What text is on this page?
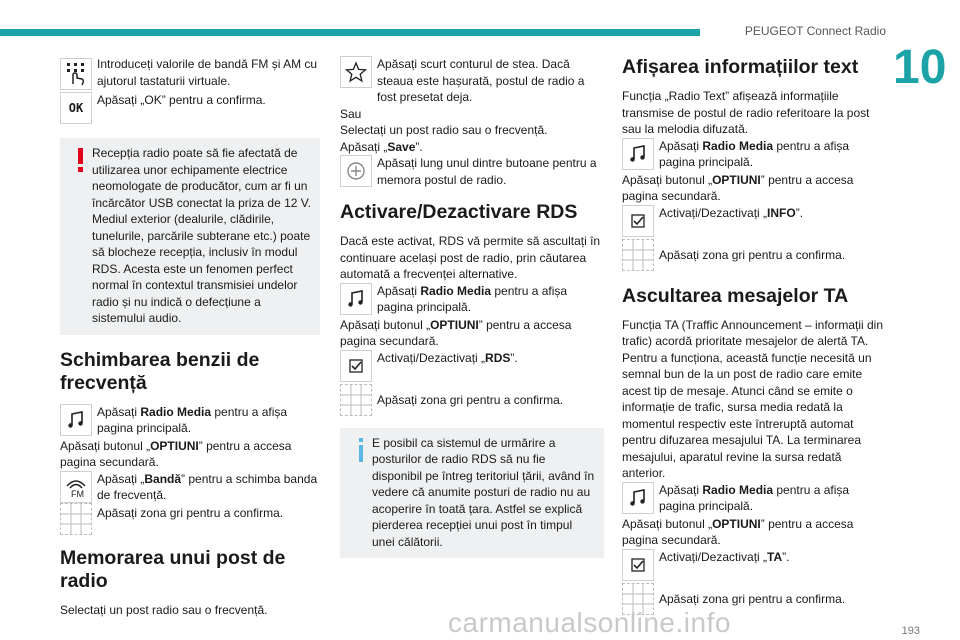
PEUGEOT Connect Radio
10

Introduceți valorile de bandă FM și AM cu ajutorul tastaturii virtuale.

OK

Apăsați „OK” pentru a confirma.

Recepția radio poate să fie afectată de utilizarea unor echipamente electrice neomologate de producător, cum ar fi un încărcător USB conectat la priza de 12 V. Mediul exterior (dealurile, clădirile, tunelurile, parcările subterane etc.) poate să blocheze recepția, inclusiv în modul RDS. Acesta este un fenomen perfect normal în contextul transmisiei undelor radio și nu indică o defecțiune a sistemului audio.

Schimbarea benzii de frecvență

Apăsați Radio Media pentru a afișa pagina principală.

Apăsați butonul „OPTIUNI” pentru a accesa pagina secundară.

FM

Apăsați „Bandă” pentru a schimba banda de frecvență.

Apăsați zona gri pentru a confirma.

Memorarea unui post de radio

Selectați un post radio sau o frecvență.

Apăsați scurt conturul de stea. Dacă steaua este hașurată, postul de radio a fost presetat deja.

Sau

Selectați un post radio sau o frecvență.

Apăsați „Save”.

Apăsați lung unul dintre butoane pentru a memora postul de radio.

Activare/Dezactivare RDS

Dacă este activat, RDS vă permite să ascultați în continuare același post de radio, prin căutarea automată a frecvenței alternative.

Apăsați Radio Media pentru a afișa pagina principală.

Apăsați butonul „OPTIUNI” pentru a accesa pagina secundară.

Activați/Dezactivați „RDS”.

Apăsați zona gri pentru a confirma.

E posibil ca sistemul de urmărire a posturilor de radio RDS să nu fie disponibil pe întreg teritoriul țării, având în vedere că anumite posturi de radio nu au acoperire în toată țara. Astfel se explică pierderea recepției unui post în timpul unei călătorii.

Afișarea informațiilor text

Funcția „Radio Text” afișează informațiile transmise de postul de radio referitoare la post sau la melodia difuzată.

Apăsați Radio Media pentru a afișa pagina principală.

Apăsați butonul „OPTIUNI” pentru a accesa pagina secundară.

Activați/Dezactivați „INFO”.

Apăsați zona gri pentru a confirma.

Ascultarea mesajelor TA

Funcția TA (Traffic Announcement – informații din trafic) acordă prioritate mesajelor de alertă TA. Pentru a funcționa, această funcție necesită un semnal bun de la un post de radio care emite acest tip de mesaje. Atunci când se emite o informație de trafic, sursa media redată la momentul respectiv este întreruptă automat pentru difuzarea mesajului TA. La terminarea mesajului, aparatul revine la sursa redată anterior.

Apăsați Radio Media pentru a afișa pagina principală.

Apăsați butonul „OPTIUNI” pentru a accesa pagina secundară.

Activați/Dezactivați „TA”.

Apăsați zona gri pentru a confirma.

carmanualsonline.info	193
